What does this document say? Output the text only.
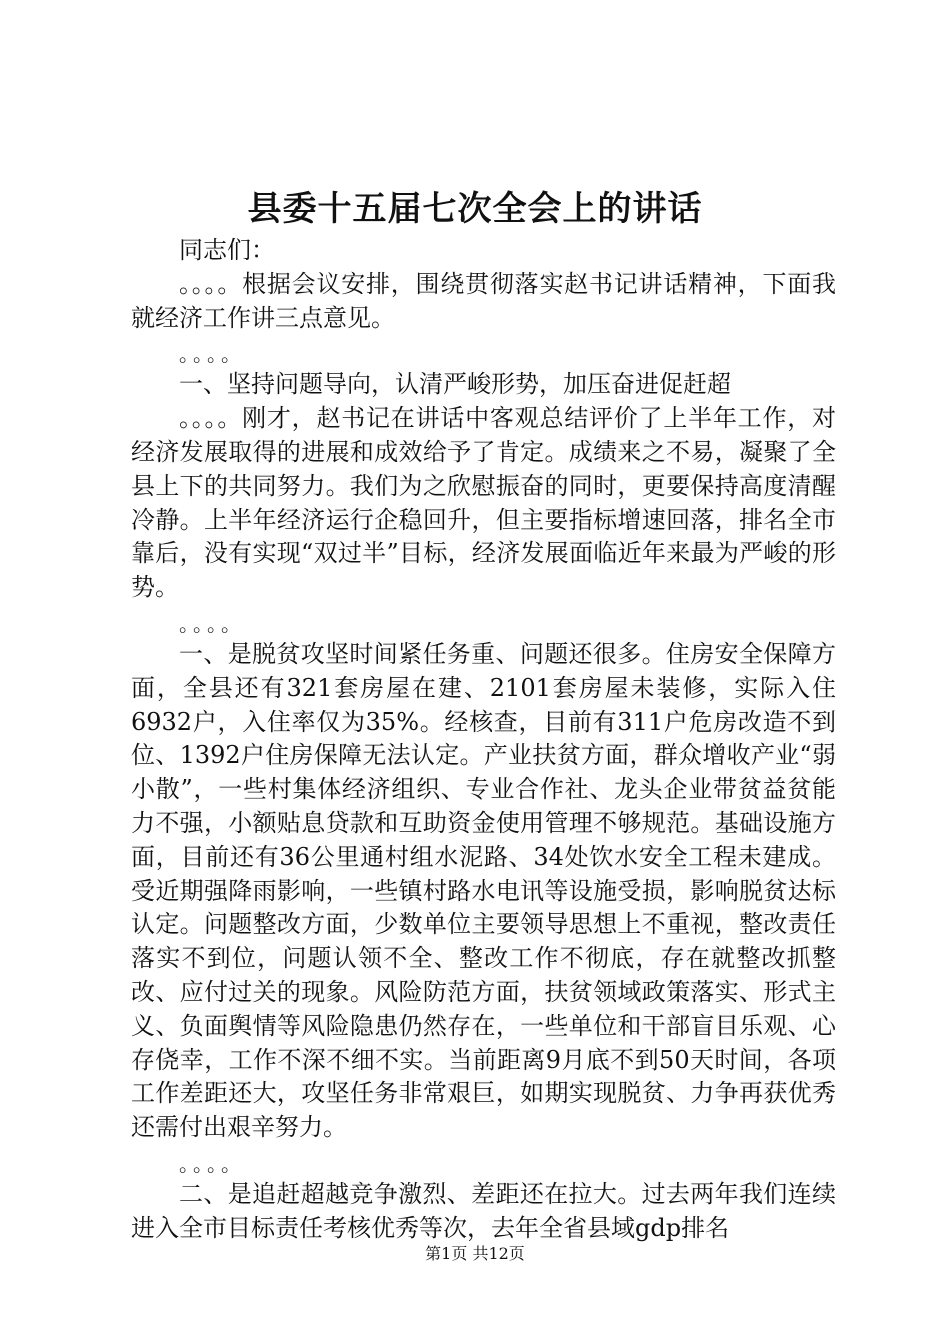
县委十五届七次全会上的讲话

同志们：

。。。。根据会议安排，围绕贯彻落实赵书记讲话精神，下面我就经济工作讲三点意见。

。。。。

一、坚持问题导向，认清严峻形势，加压奋进促赶超

。。。。刚才，赵书记在讲话中客观总结评价了上半年工作，对经济发展取得的进展和成效给予了肯定。成绩来之不易，凝聚了全县上下的共同努力。我们为之欣慰振奋的同时，更要保持高度清醒冷静。上半年经济运行企稳回升，但主要指标增速回落，排名全市靠后，没有实现“双过半”目标，经济发展面临近年来最为严峻的形势。

。。。。

一、是脱贫攻坚时间紧任务重、问题还很多。住房安全保障方面，全县还有321套房屋在建、2101套房屋未装修，实际入住6932户，入住率仅为35%。经核查，目前有311户危房改造不到位、1392户住房保障无法认定。产业扶贫方面，群众增收产业“弱小散”，一些村集体经济组织、专业合作社、龙头企业带贫益贫能力不强，小额贴息贷款和互助资金使用管理不够规范。基础设施方面，目前还有36公里通村组水泥路、34处饮水安全工程未建成。受近期强降雨影响，一些镇村路水电讯等设施受损，影响脱贫达标认定。问题整改方面，少数单位主要领导思想上不重视，整改责任落实不到位，问题认领不全、整改工作不彻底，存在就整改抓整改、应付过关的现象。风险防范方面，扶贫领域政策落实、形式主义、负面舆情等风险隐患仍然存在，一些单位和干部盲目乐观、心存侥幸，工作不深不细不实。当前距离9月底不到50天时间，各项工作差距还大，攻坚任务非常艰巨，如期实现脱贫、力争再获优秀还需付出艰辛努力。

。。。。

二、是追赶超越竞争激烈、差距还在拉大。过去两年我们连续进入全市目标责任考核优秀等次，去年全省县域gdp排名

第1页 共12页
